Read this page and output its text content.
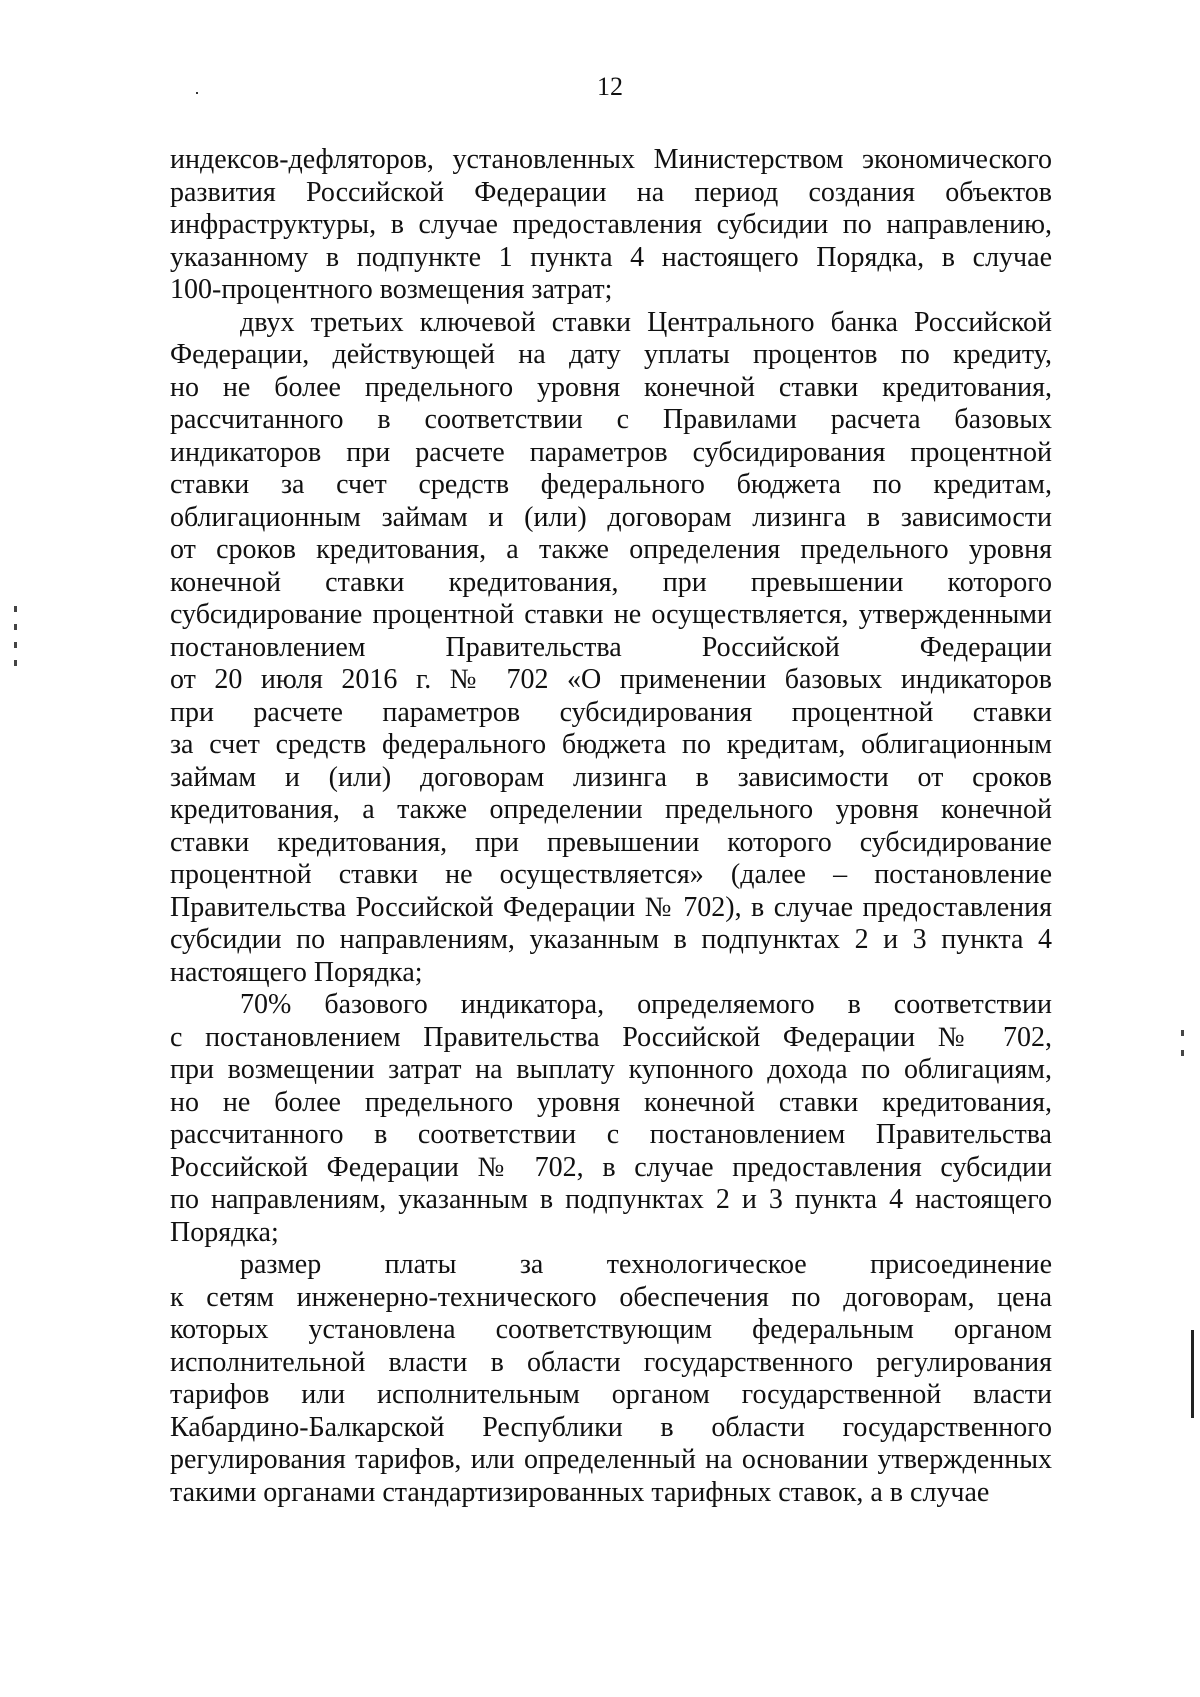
12
индексов-дефляторов, установленных Министерством экономического
развития Российской Федерации на период создания объектов
инфраструктуры, в случае предоставления субсидии по направлению,
указанному в подпункте 1 пункта 4 настоящего Порядка, в случае
100-процентного возмещения затрат;
двух третьих ключевой ставки Центрального банка Российской
Федерации, действующей на дату уплаты процентов по кредиту,
но не более предельного уровня конечной ставки кредитования,
рассчитанного в соответствии с Правилами расчета базовых
индикаторов при расчете параметров субсидирования процентной
ставки за счет средств федерального бюджета по кредитам,
облигационным займам и (или) договорам лизинга в зависимости
от сроков кредитования, а также определения предельного уровня
конечной ставки кредитования, при превышении которого
субсидирование процентной ставки не осуществляется, утвержденными
постановлением Правительства Российской Федерации
от 20 июля 2016 г. № 702 «О применении базовых индикаторов
при расчете параметров субсидирования процентной ставки
за счет средств федерального бюджета по кредитам, облигационным
займам и (или) договорам лизинга в зависимости от сроков
кредитования, а также определении предельного уровня конечной
ставки кредитования, при превышении которого субсидирование
процентной ставки не осуществляется» (далее – постановление
Правительства Российской Федерации № 702), в случае предоставления
субсидии по направлениям, указанным в подпунктах 2 и 3 пункта 4
настоящего Порядка;
70% базового индикатора, определяемого в соответствии
с постановлением Правительства Российской Федерации № 702,
при возмещении затрат на выплату купонного дохода по облигациям,
но не более предельного уровня конечной ставки кредитования,
рассчитанного в соответствии с постановлением Правительства
Российской Федерации № 702, в случае предоставления субсидии
по направлениям, указанным в подпунктах 2 и 3 пункта 4 настоящего
Порядка;
размер платы за технологическое присоединение
к сетям инженерно-технического обеспечения по договорам, цена
которых установлена соответствующим федеральным органом
исполнительной власти в области государственного регулирования
тарифов или исполнительным органом государственной власти
Кабардино-Балкарской Республики в области государственного
регулирования тарифов, или определенный на основании утвержденных
такими органами стандартизированных тарифных ставок, а в случае
